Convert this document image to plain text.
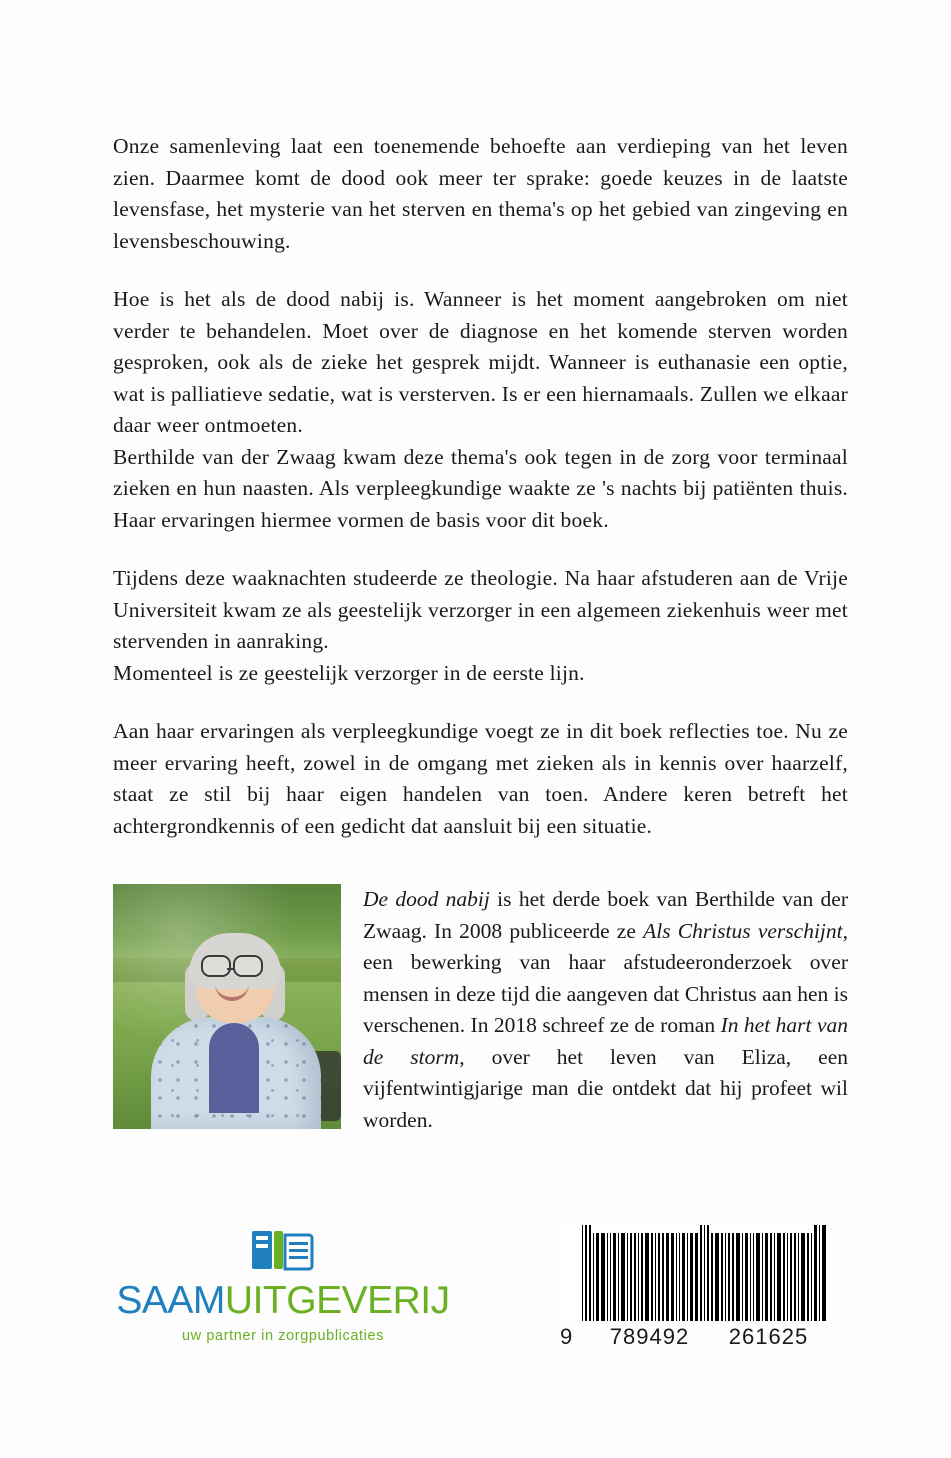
Onze samenleving laat een toenemende behoefte aan verdieping van het leven zien. Daarmee komt de dood ook meer ter sprake: goede keuzes in de laatste levensfase, het mysterie van het sterven en thema's op het gebied van zingeving en levensbeschouwing.

Hoe is het als de dood nabij is. Wanneer is het moment aangebroken om niet verder te behandelen. Moet over de diagnose en het komende sterven worden gesproken, ook als de zieke het gesprek mijdt. Wanneer is euthanasie een optie, wat is palliatieve sedatie, wat is versterven. Is er een hiernamaals. Zullen we elkaar daar weer ontmoeten.

Berthilde van der Zwaag kwam deze thema's ook tegen in de zorg voor terminaal zieken en hun naasten. Als verpleegkundige waakte ze 's nachts bij patiënten thuis. Haar ervaringen hiermee vormen de basis voor dit boek.

Tijdens deze waaknachten studeerde ze theologie. Na haar afstuderen aan de Vrije Universiteit kwam ze als geestelijk verzorger in een algemeen ziekenhuis weer met stervenden in aanraking.

Momenteel is ze geestelijk verzorger in de eerste lijn.

Aan haar ervaringen als verpleegkundige voegt ze in dit boek reflecties toe. Nu ze meer ervaring heeft, zowel in de omgang met zieken als in kennis over haarzelf, staat ze stil bij haar eigen handelen van toen. Andere keren betreft het achtergrondkennis of een gedicht dat aansluit bij een situatie.

De dood nabij is het derde boek van Berthilde van der Zwaag. In 2008 publiceerde ze Als Christus verschijnt, een bewerking van haar afstudeeronderzoek over mensen in deze tijd die aangeven dat Christus aan hen is verschenen. In 2018 schreef ze de roman In het hart van de storm, over het leven van Eliza, een vijfentwintigjarige man die ontdekt dat hij profeet wil worden.
SAAMUITGEVERIJ
uw partner in zorgpublicaties	9	789492	261625
